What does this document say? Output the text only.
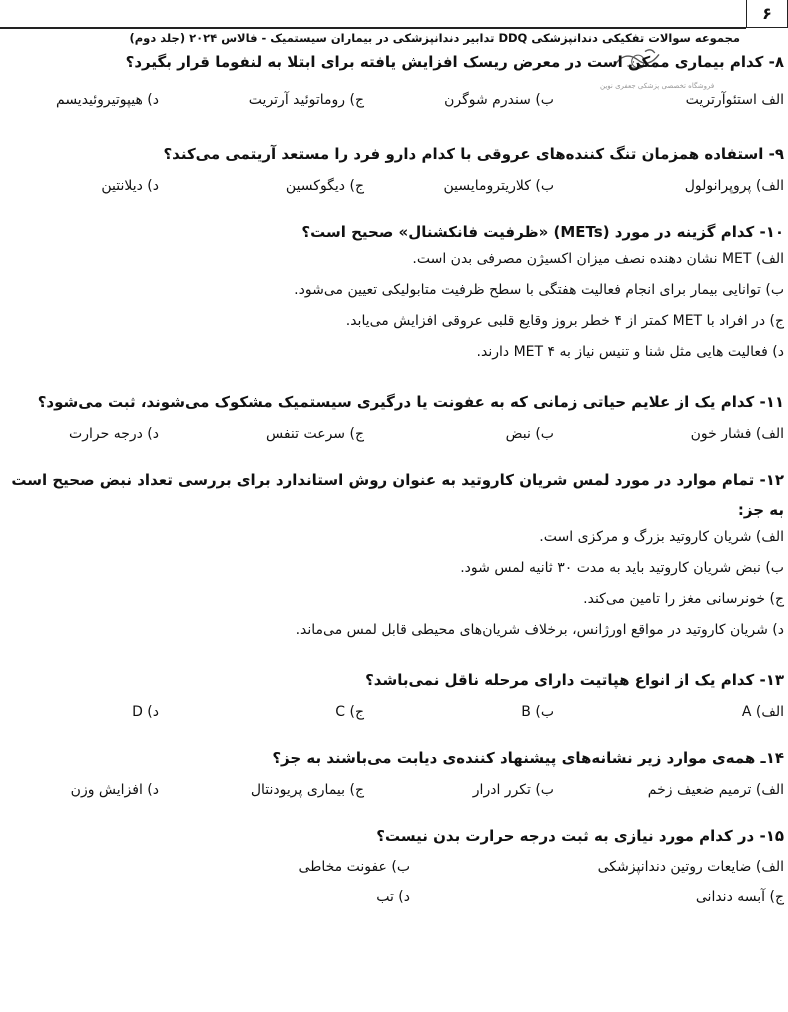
۶
مجموعه سوالات تفکیکی دندانپزشکی DDQ تدابیر دندانپزشکی در بیماران سیستمیک - فالاس ۲۰۲۴ (جلد دوم)
۸- کدام بیماری ممکن است در معرض ریسک افزایش یافته برای ابتلا به لنفوما قرار بگیرد؟
الف استئوآرتریت
ب) سندرم شوگرن
ج) روماتوئید آرتریت
د) هیپوتیروئیدیسم
۹- استفاده همزمان تنگ کننده‌های عروقی با کدام دارو فرد را مستعد آریتمی می‌کند؟
الف) پروپرانولول
ب) کلاریترومایسین
ج) دیگوکسین
د) دیلانتین
۱۰- کدام گزینه در مورد (METs) «ظرفیت فانکشنال» صحیح است؟
الف) MET نشان دهنده نصف میزان اکسیژن مصرفی بدن است.
ب) توانایی بیمار برای انجام فعالیت هفتگی با سطح ظرفیت متابولیکی تعیین می‌شود.
ج) در افراد با MET کمتر از ۴ خطر بروز وقایع قلبی عروقی افزایش می‌یابد.
د) فعالیت هایی مثل شنا و تنیس نیاز به MET ۴ دارند.
۱۱- کدام یک از علایم حیاتی زمانی که به عفونت یا درگیری سیستمیک مشکوک می‌شوند، ثبت می‌شود؟
الف) فشار خون
ب) نبض
ج) سرعت تنفس
د) درجه حرارت
۱۲- تمام موارد در مورد لمس شریان کاروتید به عنوان روش استاندارد برای بررسی تعداد نبض صحیح است
به جز:
الف) شریان کاروتید بزرگ و مرکزی است.
ب) نبض شریان کاروتید باید به مدت ۳۰ ثانیه لمس شود.
ج) خونرسانی مغز را تامین می‌کند.
د) شریان کاروتید در مواقع اورژانس، برخلاف شریان‌های محیطی قابل لمس می‌ماند.
۱۳- کدام یک از انواع هپاتیت دارای مرحله ناقل نمی‌باشد؟
الف) A
ب) B
ج) C
د) D
۱۴ـ همه‌ی موارد زیر نشانه‌های پیشنهاد کننده‌ی دیابت می‌باشند به جز؟
الف) ترمیم ضعیف زخم
ب) تکرر ادرار
ج) بیماری پریودنتال
د) افزایش وزن
۱۵- در کدام مورد نیازی به ثبت درجه حرارت بدن نیست؟
الف) ضایعات روتین دندانپزشکی
ب) عفونت مخاطی
ج) آبسه دندانی
د) تب
فروشگاه تخصصی پزشکی جعفری نوین
